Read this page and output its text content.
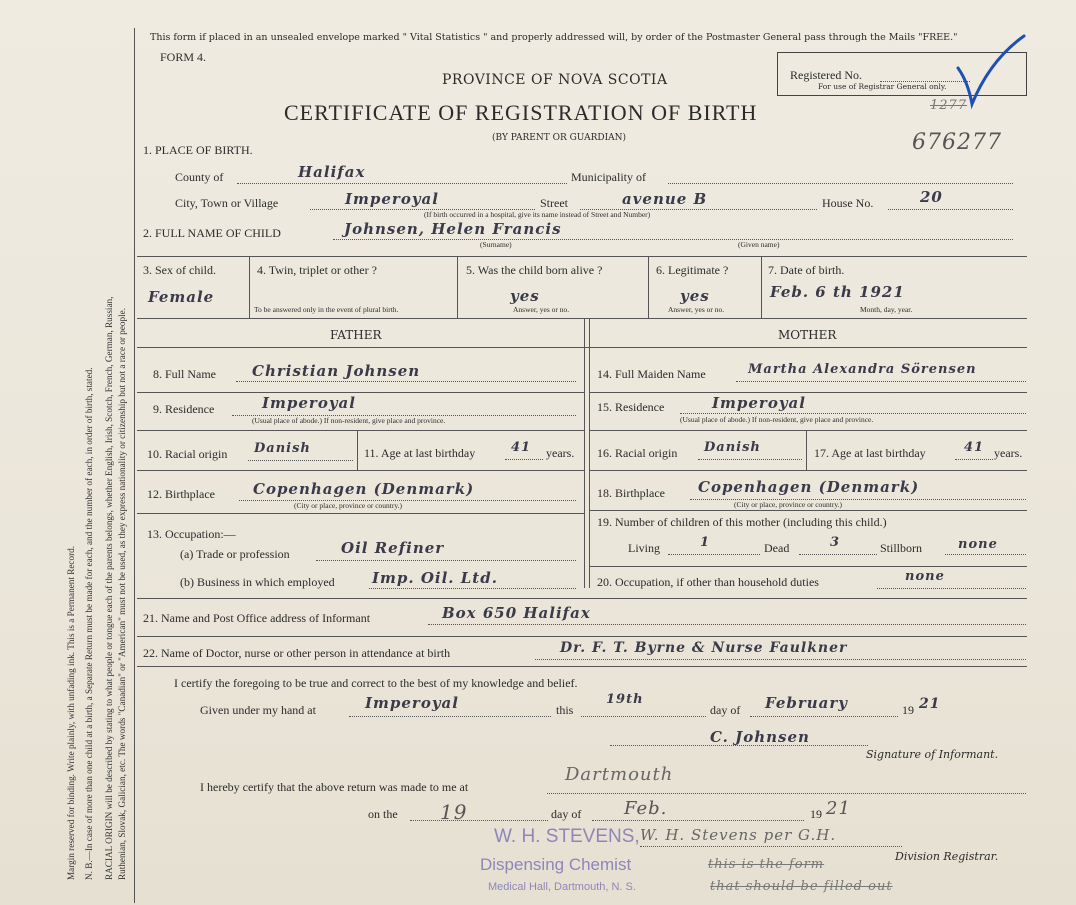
Margin reserved for binding. Write plainly, with unfading ink. This is a Permanent Record. N. B.—In case of more than one child at a birth, a Separate Return must be made for each, and the number of each, in order of birth, stated. RACIAL ORIGIN will be described by stating to what people or tongue each of the parents belongs, whether English, Irish, Scotch, French, German, Russian, Ruthenian, Slovak, Galician, etc. The words "Canadian" or "American" must not be used, as they express nationality or citizenship but not a race or people.
This form if placed in an unsealed envelope marked " Vital Statistics " and properly addressed will, by order of the Postmaster General pass through the Mails "FREE."
FORM 4.
PROVINCE OF NOVA SCOTIA
CERTIFICATE OF REGISTRATION OF BIRTH
(BY PARENT OR GUARDIAN)
Registered No.
For use of Registrar General only.
1277
676277
1. PLACE OF BIRTH.
County of	Halifax	Municipality of
City, Town or Village	Imperoyal	Street	avenue B	House No.	20
(If birth occurred in a hospital, give its name instead of Street and Number)
2. FULL NAME OF CHILD	Johnsen, Helen Francis
(Surname)	(Given name)
3. Sex of child.
Female
4. Twin, triplet or other ?
To be answered only in the event of plural birth.
5. Was the child born alive ?
yes
Answer, yes or no.
6. Legitimate ?
yes
Answer, yes or no.
7. Date of birth.
Feb. 6 th 1921
Month, day, year.
FATHER	MOTHER
8. Full Name Christian Johnsen
9. Residence	Imperoyal
(Usual place of abode.) If non-resident, give place and province.
10. Racial origin Danish	11. Age at last birthday	41 years.
12. Birthplace	Copenhagen (Denmark)
(City or place, province or country.)
13. Occupation:—
(a) Trade or profession	Oil Refiner
(b) Business in which employed Imp. Oil. Ltd.
14. Full Maiden Name	Martha Alexandra Sörensen
15. Residence	Imperoyal
(Usual place of abode.) If non-resident, give place and province.
16. Racial origin Danish	17. Age at last birthday	41 years.
18. Birthplace Copenhagen (Denmark)
(City or place, province or country.)
19. Number of children of this mother (including this child.)
Living	1	Dead	3	Stillborn	none
20. Occupation, if other than household duties	none
21. Name and Post Office address of Informant	Box 650 Halifax
22. Name of Doctor, nurse or other person in attendance at birth	Dr. F. T. Byrne & Nurse Faulkner
I certify the foregoing to be true and correct to the best of my knowledge and belief.
Given under my hand at	Imperoyal	this
19th
day of February	19 21
C. Johnsen
Signature of Informant.
I hereby certify that the above return was made to me at
Dartmouth
on the 19	day of Feb.	19 21
W. H. STEVENS,
Dispensing Chemist
Medical Hall, Dartmouth, N. S.
W. H. Stevens per G.H.
Division Registrar.
this is the form
that should be filled out
